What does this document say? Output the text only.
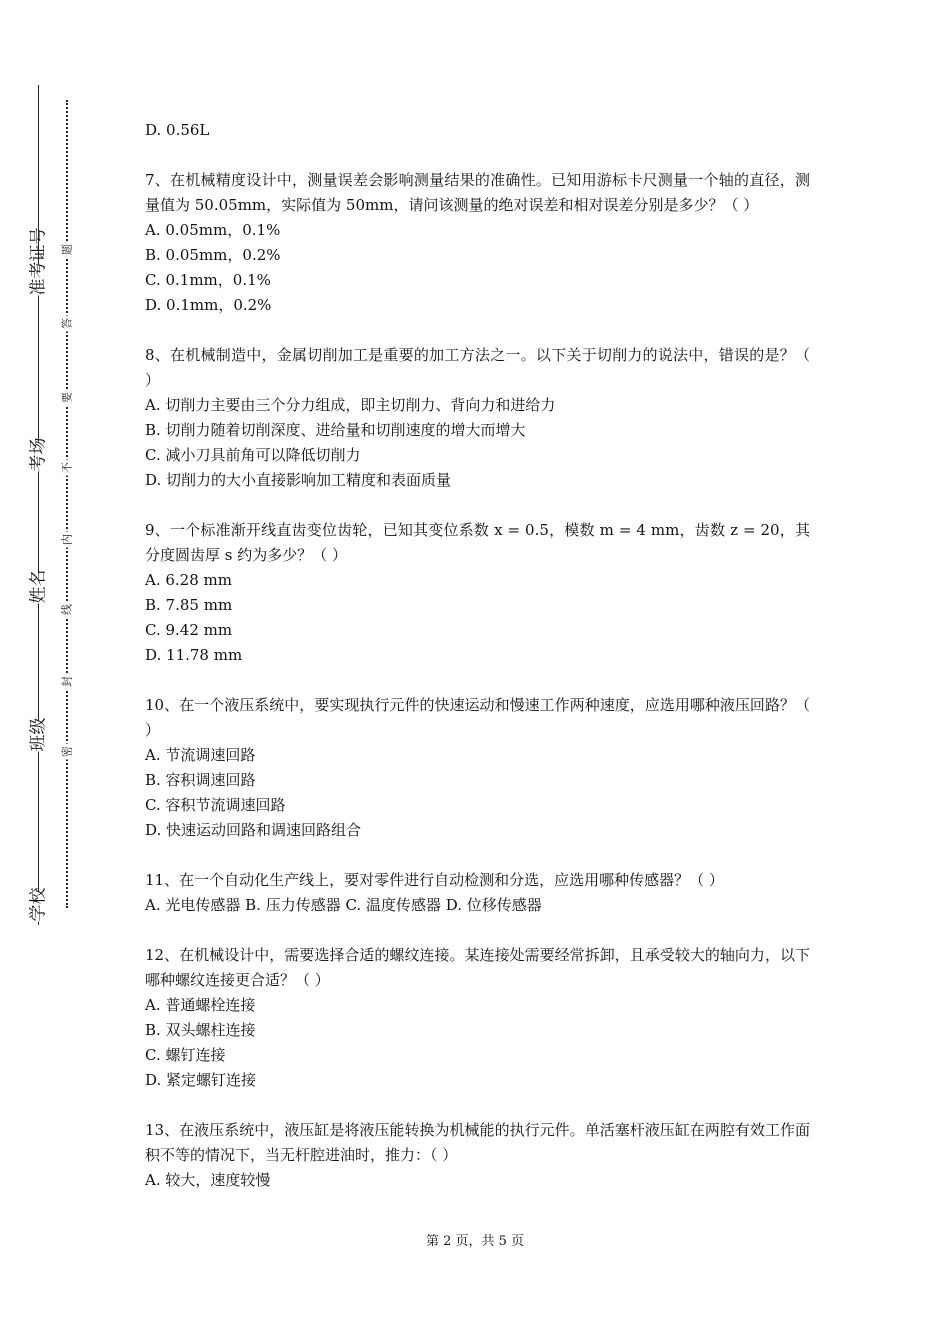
准考证号
考场
姓名
班级
学校
题
答
要
不
内
线
封
密
D. 0.56L
7、在机械精度设计中，测量误差会影响测量结果的准确性。已知用游标卡尺测量一个轴的直径，测量值为 50.05mm，实际值为 50mm，请问该测量的绝对误差和相对误差分别是多少？（ ）
A. 0.05mm，0.1%
B. 0.05mm，0.2%
C. 0.1mm，0.1%
D. 0.1mm，0.2%
8、在机械制造中，金属切削加工是重要的加工方法之一。以下关于切削力的说法中，错误的是？（ ）
A. 切削力主要由三个分力组成，即主切削力、背向力和进给力
B. 切削力随着切削深度、进给量和切削速度的增大而增大
C. 减小刀具前角可以降低切削力
D. 切削力的大小直接影响加工精度和表面质量
9、一个标准渐开线直齿变位齿轮，已知其变位系数 x = 0.5，模数 m = 4 mm，齿数 z = 20，其分度圆齿厚 s 约为多少？（ ）
A. 6.28 mm
B. 7.85 mm
C. 9.42 mm
D. 11.78 mm
10、在一个液压系统中，要实现执行元件的快速运动和慢速工作两种速度，应选用哪种液压回路？（ ）
A. 节流调速回路
B. 容积调速回路
C. 容积节流调速回路
D. 快速运动回路和调速回路组合
11、在一个自动化生产线上，要对零件进行自动检测和分选，应选用哪种传感器？（ ）
A. 光电传感器 B. 压力传感器 C. 温度传感器 D. 位移传感器
12、在机械设计中，需要选择合适的螺纹连接。某连接处需要经常拆卸，且承受较大的轴向力，以下哪种螺纹连接更合适？（ ）
A. 普通螺栓连接
B. 双头螺柱连接
C. 螺钉连接
D. 紧定螺钉连接
13、在液压系统中，液压缸是将液压能转换为机械能的执行元件。单活塞杆液压缸在两腔有效工作面积不等的情况下，当无杆腔进油时，推力：（ ）
A. 较大，速度较慢
第 2 页，共 5 页
